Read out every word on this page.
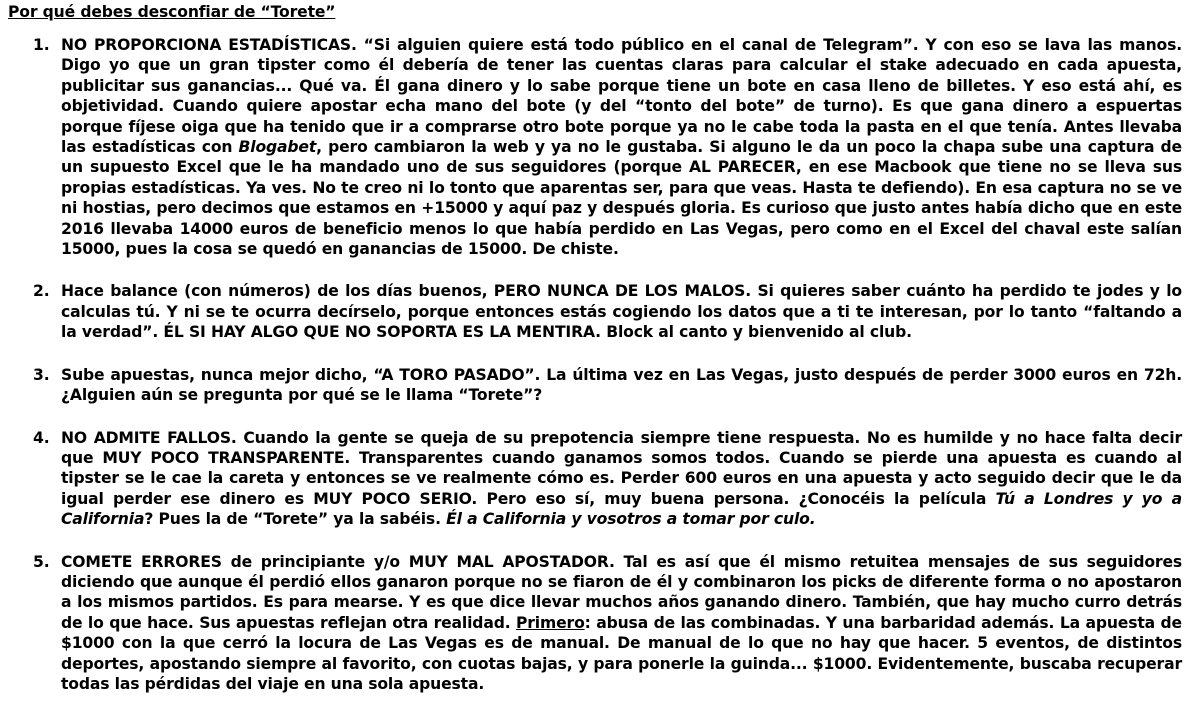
Por qué debes desconfiar de “Torete”
1. NO PROPORCIONA ESTADÍSTICAS. “Si alguien quiere está todo público en el canal de Telegram”. Y con eso se lava las manos. Digo yo que un gran tipster como él debería de tener las cuentas claras para calcular el stake adecuado en cada apuesta, publicitar sus ganancias... Qué va. Él gana dinero y lo sabe porque tiene un bote en casa lleno de billetes. Y eso está ahí, es objetividad. Cuando quiere apostar echa mano del bote (y del “tonto del bote” de turno). Es que gana dinero a espuertas porque fíjese oiga que ha tenido que ir a comprarse otro bote porque ya no le cabe toda la pasta en el que tenía. Antes llevaba las estadísticas con Blogabet, pero cambiaron la web y ya no le gustaba. Si alguno le da un poco la chapa sube una captura de un supuesto Excel que le ha mandado uno de sus seguidores (porque AL PARECER, en ese Macbook que tiene no se lleva sus propias estadísticas. Ya ves. No te creo ni lo tonto que aparentas ser, para que veas. Hasta te defiendo). En esa captura no se ve ni hostias, pero decimos que estamos en +15000 y aquí paz y después gloria. Es curioso que justo antes había dicho que en este 2016 llevaba 14000 euros de beneficio menos lo que había perdido en Las Vegas, pero como en el Excel del chaval este salían 15000, pues la cosa se quedó en ganancias de 15000. De chiste.
2. Hace balance (con números) de los días buenos, PERO NUNCA DE LOS MALOS. Si quieres saber cuánto ha perdido te jodes y lo calculas tú. Y ni se te ocurra decírselo, porque entonces estás cogiendo los datos que a ti te interesan, por lo tanto “faltando a la verdad”. ÉL SI HAY ALGO QUE NO SOPORTA ES LA MENTIRA. Block al canto y bienvenido al club.
3. Sube apuestas, nunca mejor dicho, “A TORO PASADO”. La última vez en Las Vegas, justo después de perder 3000 euros en 72h. ¿Alguien aún se pregunta por qué se le llama “Torete”?
4. NO ADMITE FALLOS. Cuando la gente se queja de su prepotencia siempre tiene respuesta. No es humilde y no hace falta decir que MUY POCO TRANSPARENTE. Transparentes cuando ganamos somos todos. Cuando se pierde una apuesta es cuando al tipster se le cae la careta y entonces se ve realmente cómo es. Perder 600 euros en una apuesta y acto seguido decir que le da igual perder ese dinero es MUY POCO SERIO. Pero eso sí, muy buena persona. ¿Conocéis la película Tú a Londres y yo a California? Pues la de “Torete” ya la sabéis. Él a California y vosotros a tomar por culo.
5. COMETE ERRORES de principiante y/o MUY MAL APOSTADOR. Tal es así que él mismo retuitea mensajes de sus seguidores diciendo que aunque él perdió ellos ganaron porque no se fiaron de él y combinaron los picks de diferente forma o no apostaron a los mismos partidos. Es para mearse. Y es que dice llevar muchos años ganando dinero. También, que hay mucho curro detrás de lo que hace. Sus apuestas reflejan otra realidad. Primero: abusa de las combinadas. Y una barbaridad además. La apuesta de $1000 con la que cerró la locura de Las Vegas es de manual. De manual de lo que no hay que hacer. 5 eventos, de distintos deportes, apostando siempre al favorito, con cuotas bajas, y para ponerle la guinda... $1000. Evidentemente, buscaba recuperar todas las pérdidas del viaje en una sola apuesta.
